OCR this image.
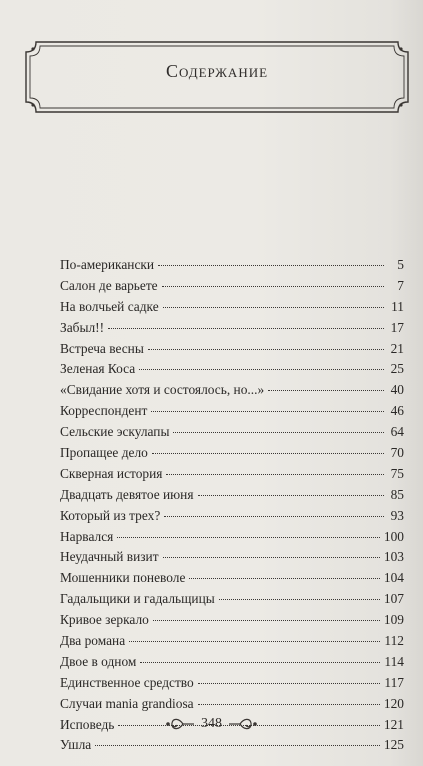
Содержание
По-американски	5
Салон де варьете	7
На волчьей садке	11
Забыл!!	17
Встреча весны	21
Зеленая Коса	25
«Свидание хотя и состоялось, но...»	40
Корреспондент	46
Сельские эскулапы	64
Пропащее дело	70
Скверная история	75
Двадцать девятое июня	85
Который из трех?	93
Нарвался	100
Неудачный визит	103
Мошенники поневоле	104
Гадальщики и гадальщицы	107
Кривое зеркало	109
Два романа	112
Двое в одном	114
Единственное средство	117
Случаи mania grandiosa	120
Исповедь	121
Ушла	125
348
